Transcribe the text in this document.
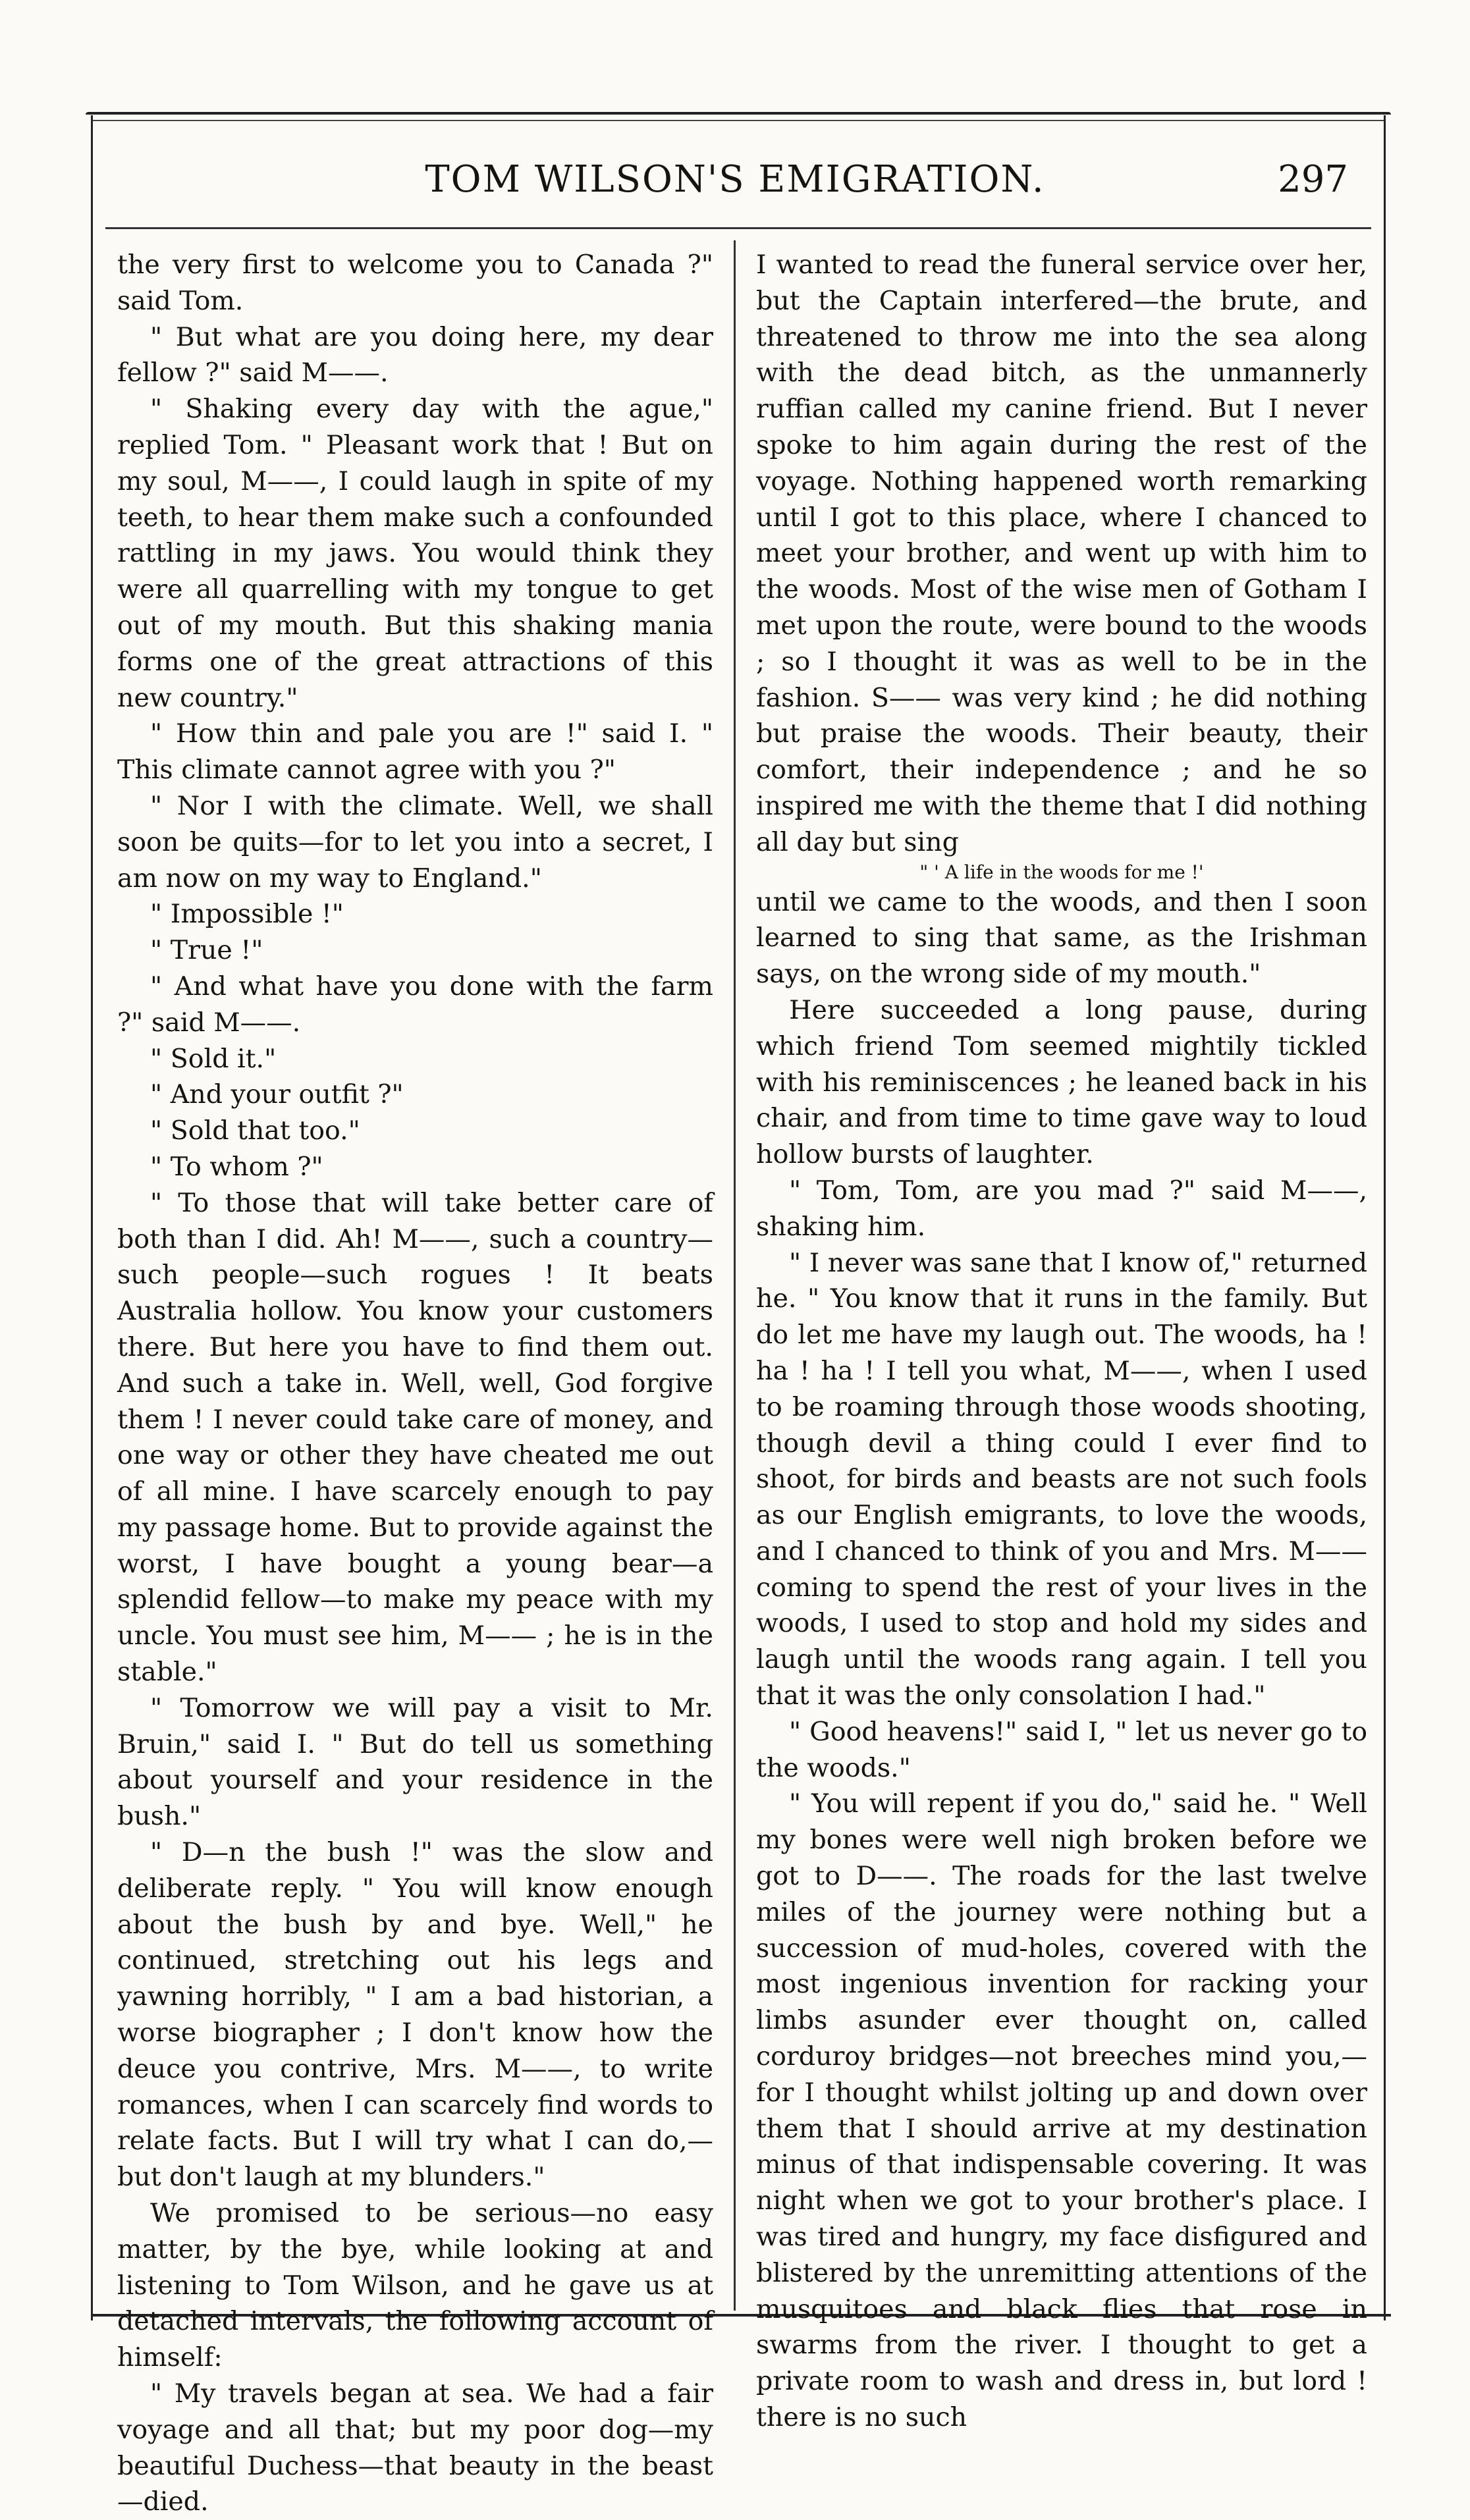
TOM WILSON'S EMIGRATION.	297

the very first to welcome you to Canada ?" said Tom.

" But what are you doing here, my dear fellow ?" said M——.

" Shaking every day with the ague," replied Tom. " Pleasant work that ! But on my soul, M——, I could laugh in spite of my teeth, to hear them make such a confounded rattling in my jaws. You would think they were all quarrelling with my tongue to get out of my mouth. But this shaking mania forms one of the great attractions of this new country."

" How thin and pale you are !" said I. " This climate cannot agree with you ?"

" Nor I with the climate. Well, we shall soon be quits—for to let you into a secret, I am now on my way to England."

" Impossible !"

" True !"

" And what have you done with the farm ?" said M——.

" Sold it."

" And your outfit ?"

" Sold that too."

" To whom ?"

" To those that will take better care of both than I did. Ah! M——, such a country—such people—such rogues ! It beats Australia hollow. You know your customers there. But here you have to find them out. And such a take in. Well, well, God forgive them ! I never could take care of money, and one way or other they have cheated me out of all mine. I have scarcely enough to pay my passage home. But to provide against the worst, I have bought a young bear—a splendid fellow—to make my peace with my uncle. You must see him, M—— ; he is in the stable."

" Tomorrow we will pay a visit to Mr. Bruin," said I. " But do tell us something about yourself and your residence in the bush."

" D—n the bush !" was the slow and deliberate reply. " You will know enough about the bush by and bye. Well," he continued, stretching out his legs and yawning horribly, " I am a bad historian, a worse biographer ; I don't know how the deuce you contrive, Mrs. M——, to write romances, when I can scarcely find words to relate facts. But I will try what I can do,—but don't laugh at my blunders."

We promised to be serious—no easy matter, by the bye, while looking at and listening to Tom Wilson, and he gave us at detached intervals, the following account of himself:

" My travels began at sea. We had a fair voyage and all that; but my poor dog—my beautiful Duchess—that beauty in the beast—died.

I wanted to read the funeral service over her, but the Captain interfered—the brute, and threatened to throw me into the sea along with the dead bitch, as the unmannerly ruffian called my canine friend. But I never spoke to him again during the rest of the voyage. Nothing happened worth remarking until I got to this place, where I chanced to meet your brother, and went up with him to the woods. Most of the wise men of Gotham I met upon the route, were bound to the woods ; so I thought it was as well to be in the fashion. S—— was very kind ; he did nothing but praise the woods. Their beauty, their comfort, their independence ; and he so inspired me with the theme that I did nothing all day but sing

" ' A life in the woods for me !'

until we came to the woods, and then I soon learned to sing that same, as the Irishman says, on the wrong side of my mouth."

Here succeeded a long pause, during which friend Tom seemed mightily tickled with his reminiscences ; he leaned back in his chair, and from time to time gave way to loud hollow bursts of laughter.

" Tom, Tom, are you mad ?" said M——, shaking him.

" I never was sane that I know of," returned he. " You know that it runs in the family. But do let me have my laugh out. The woods, ha ! ha ! ha ! I tell you what, M——, when I used to be roaming through those woods shooting, though devil a thing could I ever find to shoot, for birds and beasts are not such fools as our English emigrants, to love the woods, and I chanced to think of you and Mrs. M—— coming to spend the rest of your lives in the woods, I used to stop and hold my sides and laugh until the woods rang again. I tell you that it was the only consolation I had."

" Good heavens!" said I, " let us never go to the woods."

" You will repent if you do," said he. " Well my bones were well nigh broken before we got to D——. The roads for the last twelve miles of the journey were nothing but a succession of mud-holes, covered with the most ingenious invention for racking your limbs asunder ever thought on, called corduroy bridges—not breeches mind you,—for I thought whilst jolting up and down over them that I should arrive at my destination minus of that indispensable covering. It was night when we got to your brother's place. I was tired and hungry, my face disfigured and blistered by the unremitting attentions of the musquitoes and black flies that rose in swarms from the river. I thought to get a private room to wash and dress in, but lord ! there is no such
